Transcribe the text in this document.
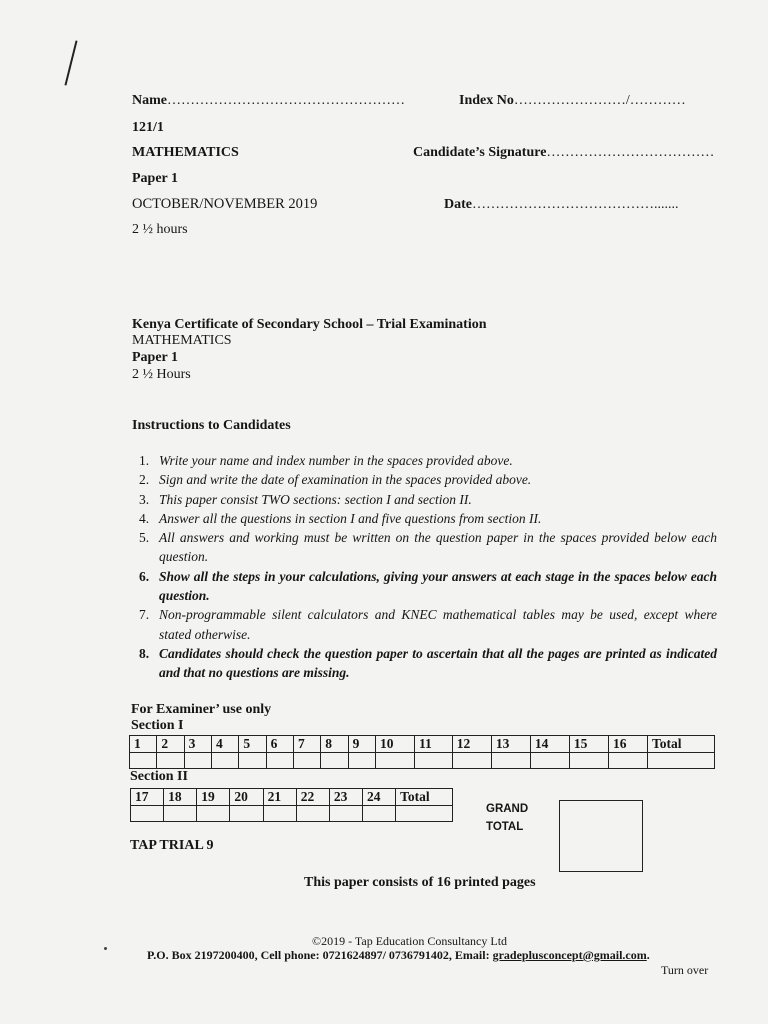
Name……………………………………………	Index No……………………/…………
121/1
MATHEMATICS	Candidate’s Signature………………………………
Paper 1
OCTOBER/NOVEMBER 2019	Date………………………………….......
2 ½ hours
Kenya Certificate of Secondary School – Trial Examination
MATHEMATICS
Paper 1
2 ½ Hours
Instructions to Candidates
1. Write your name and index number in the spaces provided above.
2. Sign and write the date of examination in the spaces provided above.
3. This paper consist TWO sections: section I and section II.
4. Answer all the questions in section I and five questions from section II.
5. All answers and working must be written on the question paper in the spaces provided below each question.
6. Show all the steps in your calculations, giving your answers at each stage in the spaces below each question.
7. Non-programmable silent calculators and KNEC mathematical tables may be used, except where stated otherwise.
8. Candidates should check the question paper to ascertain that all the pages are printed as indicated and that no questions are missing.
For Examiner’ use only
Section I
1	2	3	4	5	6	7	8	9	10	11	12	13	14	15	16	Total

Section II
17	18	19	20	21	22	23	24	Total

GRAND
TOTAL
TAP TRIAL 9
This paper consists of 16 printed pages
©2019 - Tap Education Consultancy Ltd
P.O. Box 2197200400, Cell phone: 0721624897/ 0736791402, Email: gradeplusconcept@gmail.com.
Turn over
